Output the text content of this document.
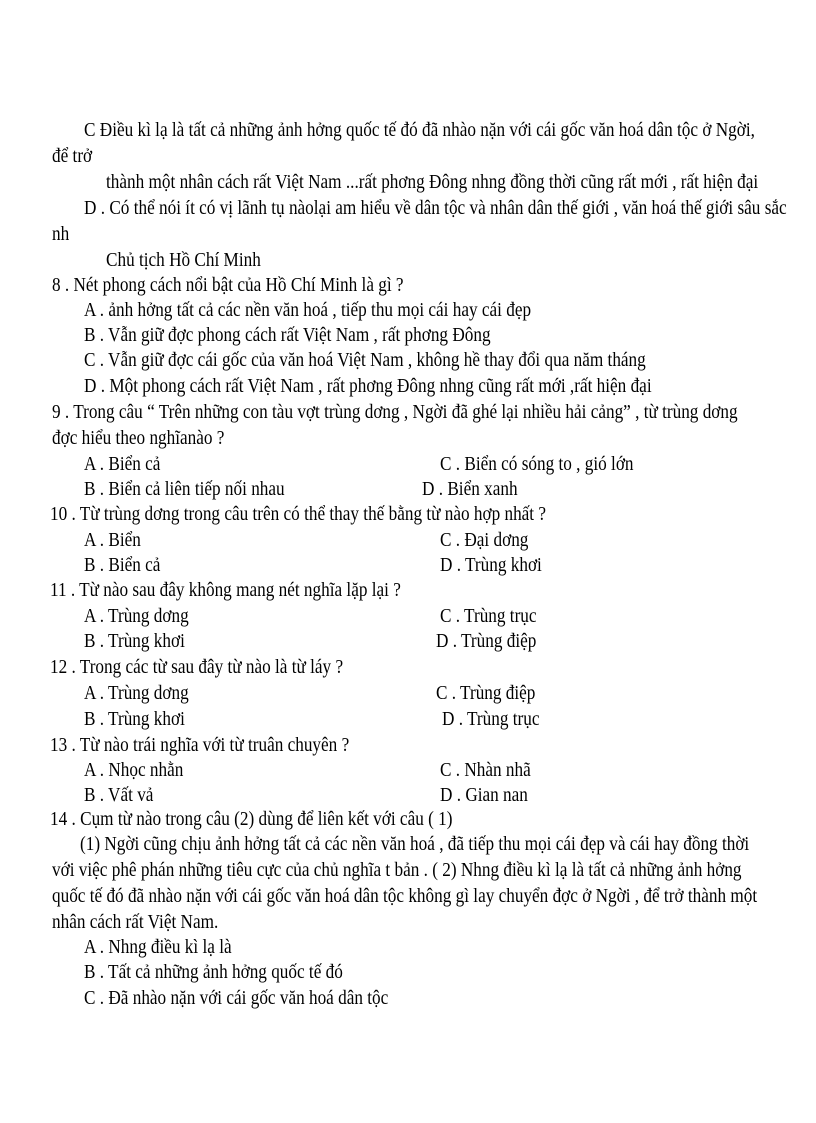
C Điều kì lạ là tất cả những ảnh hởng quốc tế đó đã nhào nặn với cái gốc văn hoá dân tộc ở Ngời,
để trở
thành một nhân cách rất Việt Nam ...rất phơng Đông nhng đồng thời cũng rất mới , rất hiện đại
D . Có thể nói ít có vị lãnh tụ nàolại am hiểu về dân tộc và nhân dân thế giới , văn hoá thế giới sâu sắc
nh
Chủ tịch Hồ Chí Minh
8 . Nét phong cách nổi bật của Hồ Chí Minh là gì ?
A . ảnh hởng tất cả các nền văn hoá , tiếp thu mọi cái hay cái đẹp
B . Vẫn giữ đợc phong cách rất Việt Nam , rất phơng Đông
C . Vẫn giữ đợc cái gốc của văn hoá Việt Nam , không hề thay đổi qua năm tháng
D . Một phong cách rất Việt Nam , rất phơng Đông nhng cũng rất mới ,rất hiện đại
9 . Trong câu “ Trên những con tàu vợt trùng dơng , Ngời đã ghé lại nhiều hải cảng” , từ trùng dơng
đợc hiểu theo nghĩanào ?
A . Biển cả	C . Biển có sóng to , gió lớn
B . Biển cả liên tiếp nối nhau	D . Biển xanh
10 . Từ trùng dơng trong câu trên có thể thay thế bằng từ nào hợp nhất ?
A . Biển	C . Đại dơng
B . Biển cả	D . Trùng khơi
11 . Từ nào sau đây không mang nét nghĩa lặp lại ?
A . Trùng dơng	C . Trùng trục
B . Trùng khơi	D . Trùng điệp
12 . Trong các từ sau đây từ nào là từ láy ?
A . Trùng dơng	C . Trùng điệp
B . Trùng khơi	D . Trùng trục
13 . Từ nào trái nghĩa với từ truân chuyên ?
A . Nhọc nhằn	C . Nhàn nhã
B . Vất vả	D . Gian nan
14 . Cụm từ nào trong câu (2) dùng để liên kết với câu ( 1)
(1) Ngời cũng chịu ảnh hởng tất cả các nền văn hoá , đã tiếp thu mọi cái đẹp và cái hay đồng thời
với việc phê phán những tiêu cực của chủ nghĩa t bản . ( 2) Nhng điều kì lạ là tất cả những ảnh hởng
quốc tế đó đã nhào nặn với cái gốc văn hoá dân tộc không gì lay chuyển đợc ở Ngời , để trở thành một
nhân cách rất Việt Nam.
A . Nhng điều kì lạ là
B . Tất cả những ảnh hởng quốc tế đó
C . Đã nhào nặn với cái gốc văn hoá dân tộc
